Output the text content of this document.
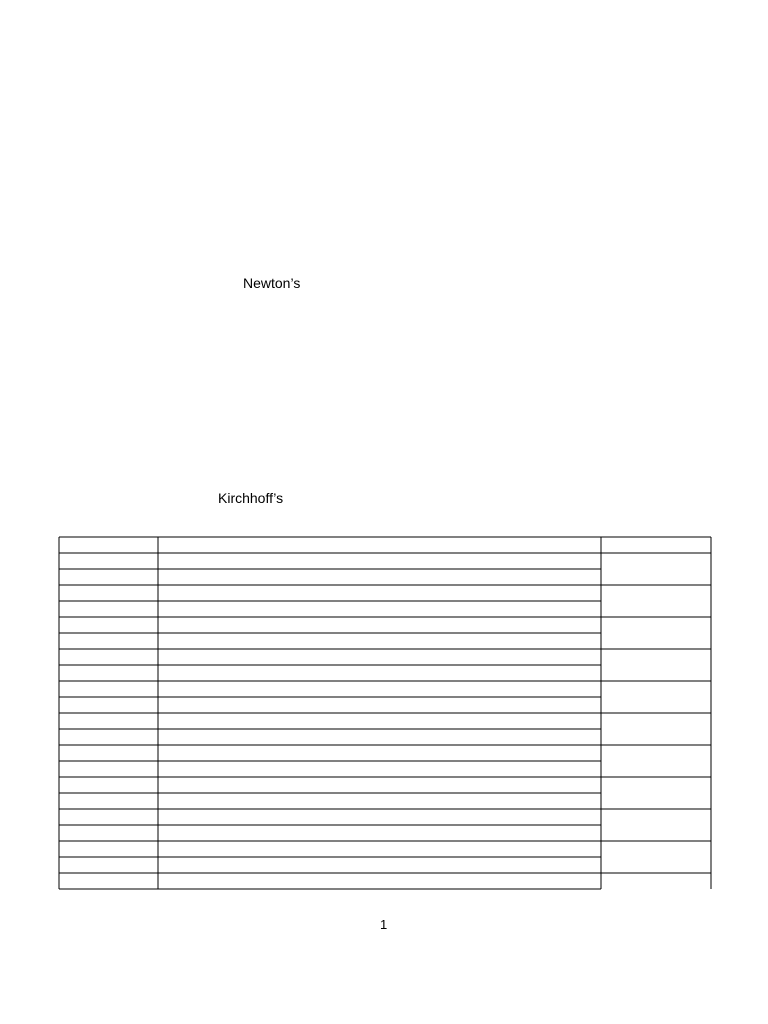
Newton’s
Kirchhoff’s
1
